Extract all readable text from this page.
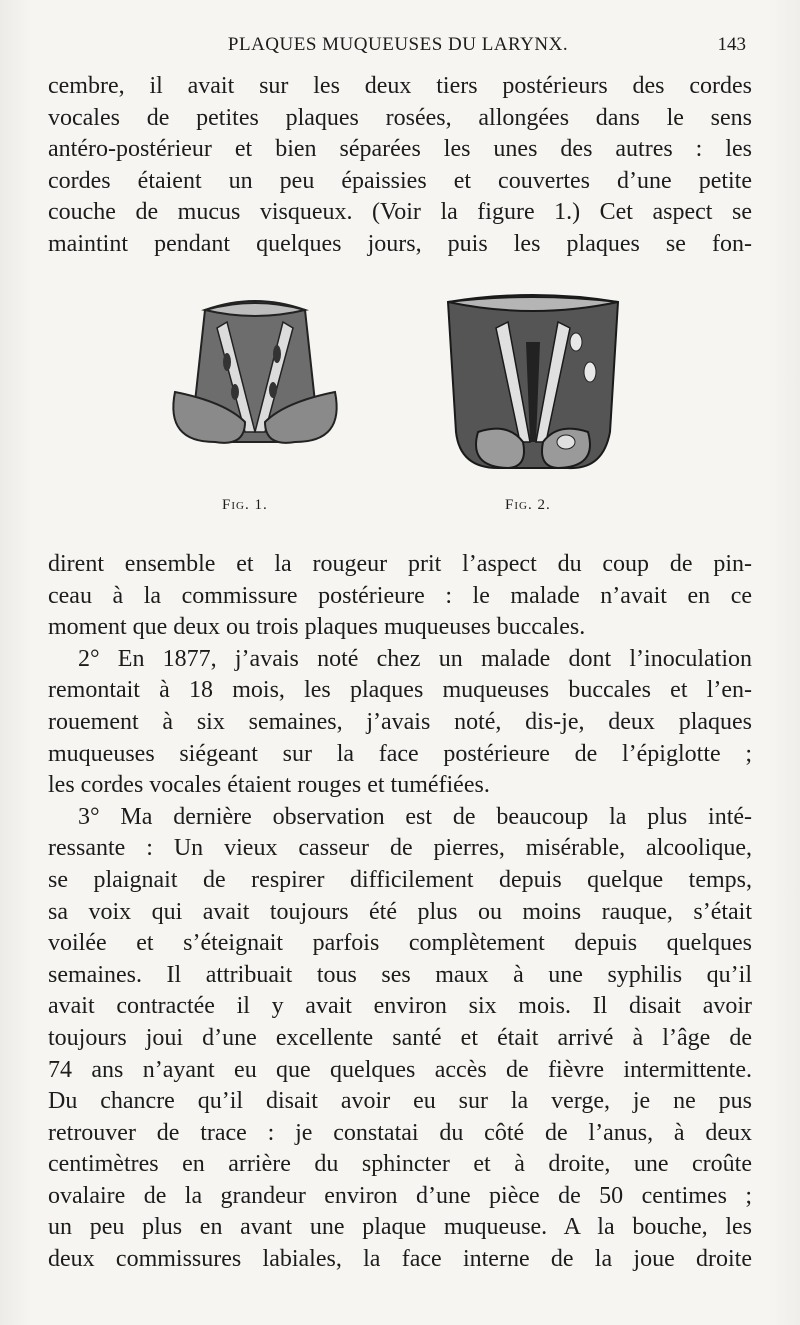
PLAQUES MUQUEUSES DU LARYNX.	143
cembre, il avait sur les deux tiers postérieurs des cordes
vocales de petites plaques rosées, allongées dans le sens
antéro-postérieur et bien séparées les unes des autres : les
cordes étaient un peu épaissies et couvertes d’une petite
couche de mucus visqueux. (Voir la figure 1.) Cet aspect se
maintint pendant quelques jours, puis les plaques se fon-
Fig. 1.	Fig. 2.
dirent ensemble et la rougeur prit l’aspect du coup de pin-
ceau à la commissure postérieure : le malade n’avait en ce
moment que deux ou trois plaques muqueuses buccales.
2° En 1877, j’avais noté chez un malade dont l’inoculation
remontait à 18 mois, les plaques muqueuses buccales et l’en-
rouement à six semaines, j’avais noté, dis-je, deux plaques
muqueuses siégeant sur la face postérieure de l’épiglotte ;
les cordes vocales étaient rouges et tuméfiées.
3° Ma dernière observation est de beaucoup la plus inté-
ressante : Un vieux casseur de pierres, misérable, alcoolique,
se plaignait de respirer difficilement depuis quelque temps,
sa voix qui avait toujours été plus ou moins rauque, s’était
voilée et s’éteignait parfois complètement depuis quelques
semaines. Il attribuait tous ses maux à une syphilis qu’il
avait contractée il y avait environ six mois. Il disait avoir
toujours joui d’une excellente santé et était arrivé à l’âge de
74 ans n’ayant eu que quelques accès de fièvre intermittente.
Du chancre qu’il disait avoir eu sur la verge, je ne pus
retrouver de trace : je constatai du côté de l’anus, à deux
centimètres en arrière du sphincter et à droite, une croûte
ovalaire de la grandeur environ d’une pièce de 50 centimes ;
un peu plus en avant une plaque muqueuse. A la bouche, les
deux commissures labiales, la face interne de la joue droite
